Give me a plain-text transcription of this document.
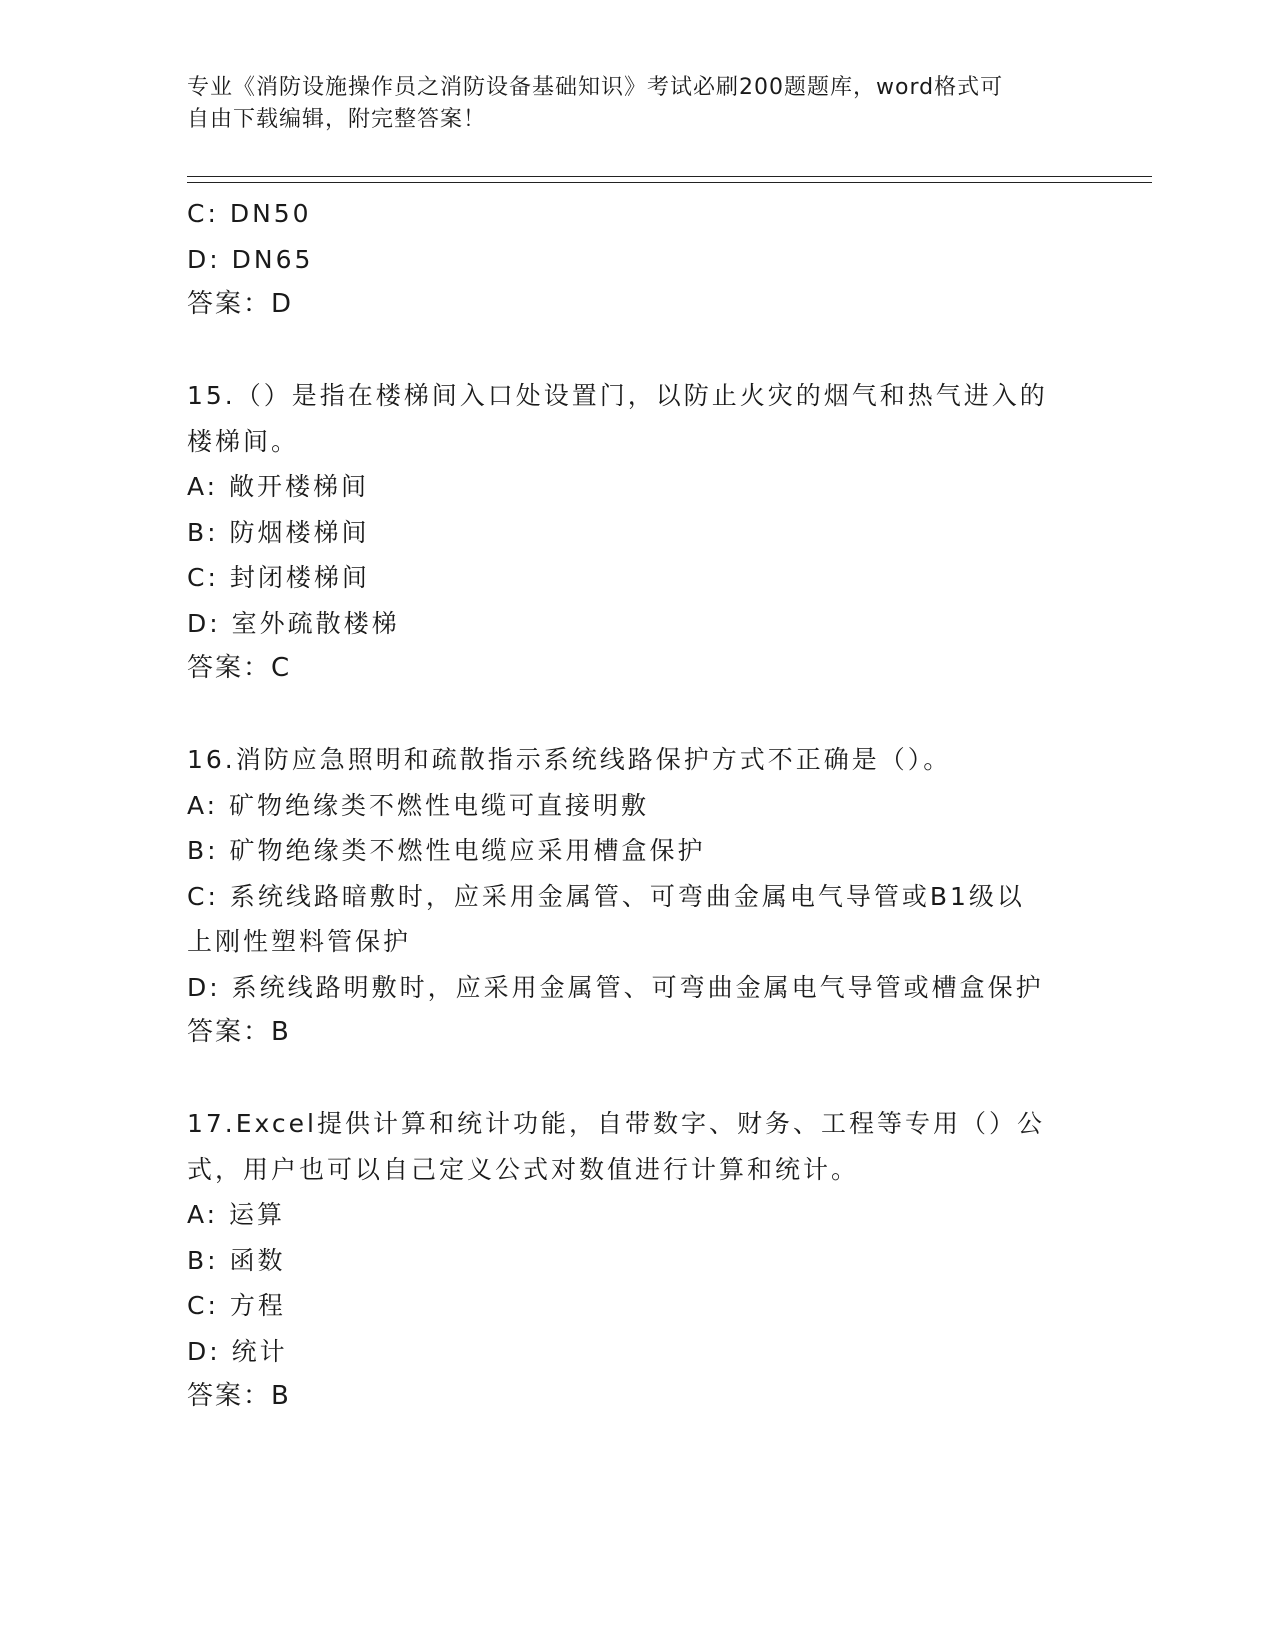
专业《消防设施操作员之消防设备基础知识》考试必刷200题题库，word格式可
自由下载编辑，附完整答案！
C: DN50
D: DN65
答案：D
15.（）是指在楼梯间入口处设置门，以防止火灾的烟气和热气进入的
楼梯间。
A: 敞开楼梯间
B: 防烟楼梯间
C: 封闭楼梯间
D: 室外疏散楼梯
答案：C
16.消防应急照明和疏散指示系统线路保护方式不正确是（）。
A: 矿物绝缘类不燃性电缆可直接明敷
B: 矿物绝缘类不燃性电缆应采用槽盒保护
C: 系统线路暗敷时，应采用金属管、可弯曲金属电气导管或B1级以
上刚性塑料管保护
D: 系统线路明敷时，应采用金属管、可弯曲金属电气导管或槽盒保护
答案：B
17.Excel提供计算和统计功能，自带数字、财务、工程等专用（）公
式，用户也可以自己定义公式对数值进行计算和统计。
A: 运算
B: 函数
C: 方程
D: 统计
答案：B
